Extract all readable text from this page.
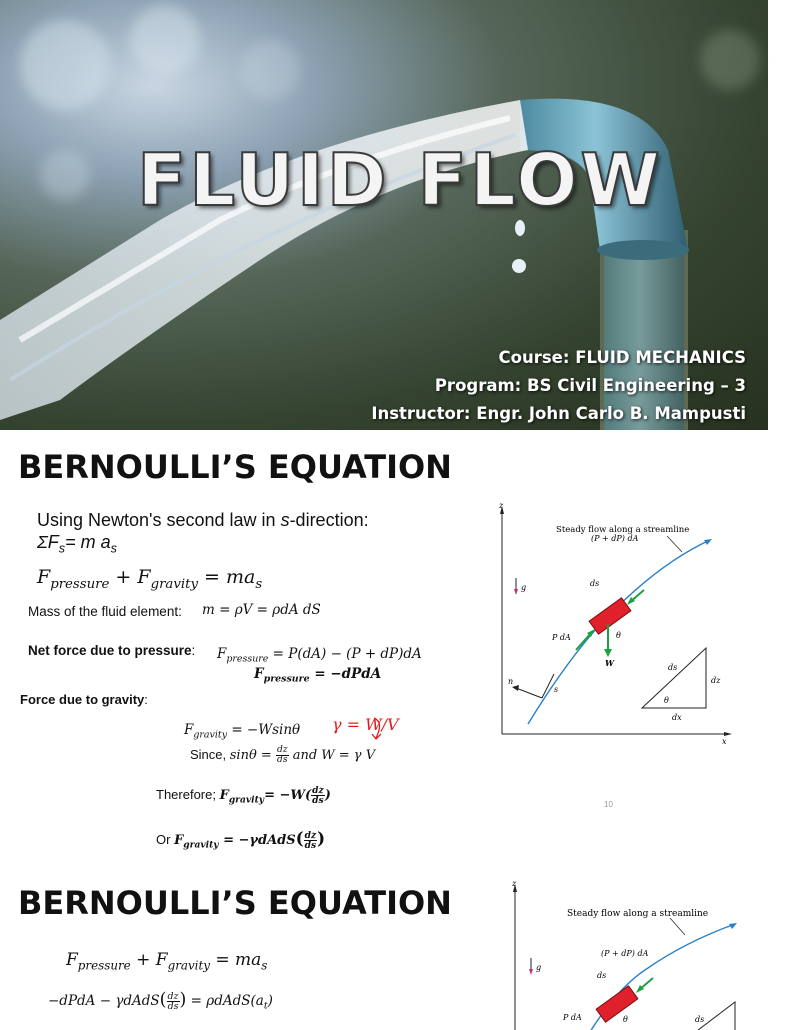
FLUID FLOW
Course: FLUID MECHANICS
Program: BS Civil Engineering – 3
Instructor: Engr. John Carlo B. Mampusti
BERNOULLI’S EQUATION
Using Newton's second law in s-direction:
$\Sigma F_s= m$ $a_s$
$F_{pressure} + F_{gravity} = ma_s$
Mass of the fluid element: m = ρV = ρdA dS
Net force due to pressure: $F_{pressure} = P(dA) - (P + dP)dA$
$F_{pressure}$ = −dPdA
Force due to gravity:
$F_{gravity} = -Wsin\theta$
Since, $\sin\theta = \frac{dz}{ds}$ and W = γ V
Therefore; $F_{gravity}= -W( \frac{dz}{ds}$ )
Or $F_{gravity}$ = −γdAdS( $\frac{dz}{ds}$ )
γ = W/V
10
z
x
g
Steady flow along a streamline
n
s
(P + dP) dA
P dA
ds
θ
W	ds
dz
dx
θ
BERNOULLI’S EQUATION
$F_{pressure} + F_{gravity} = ma_s$
−dPdA − γdAdS( $\frac{dz}{ds}$ ) = $\rho dAdS(a_t)$
z
g
Steady flow along a streamline
(P + dP) dA
ds
P dA	θ	ds
